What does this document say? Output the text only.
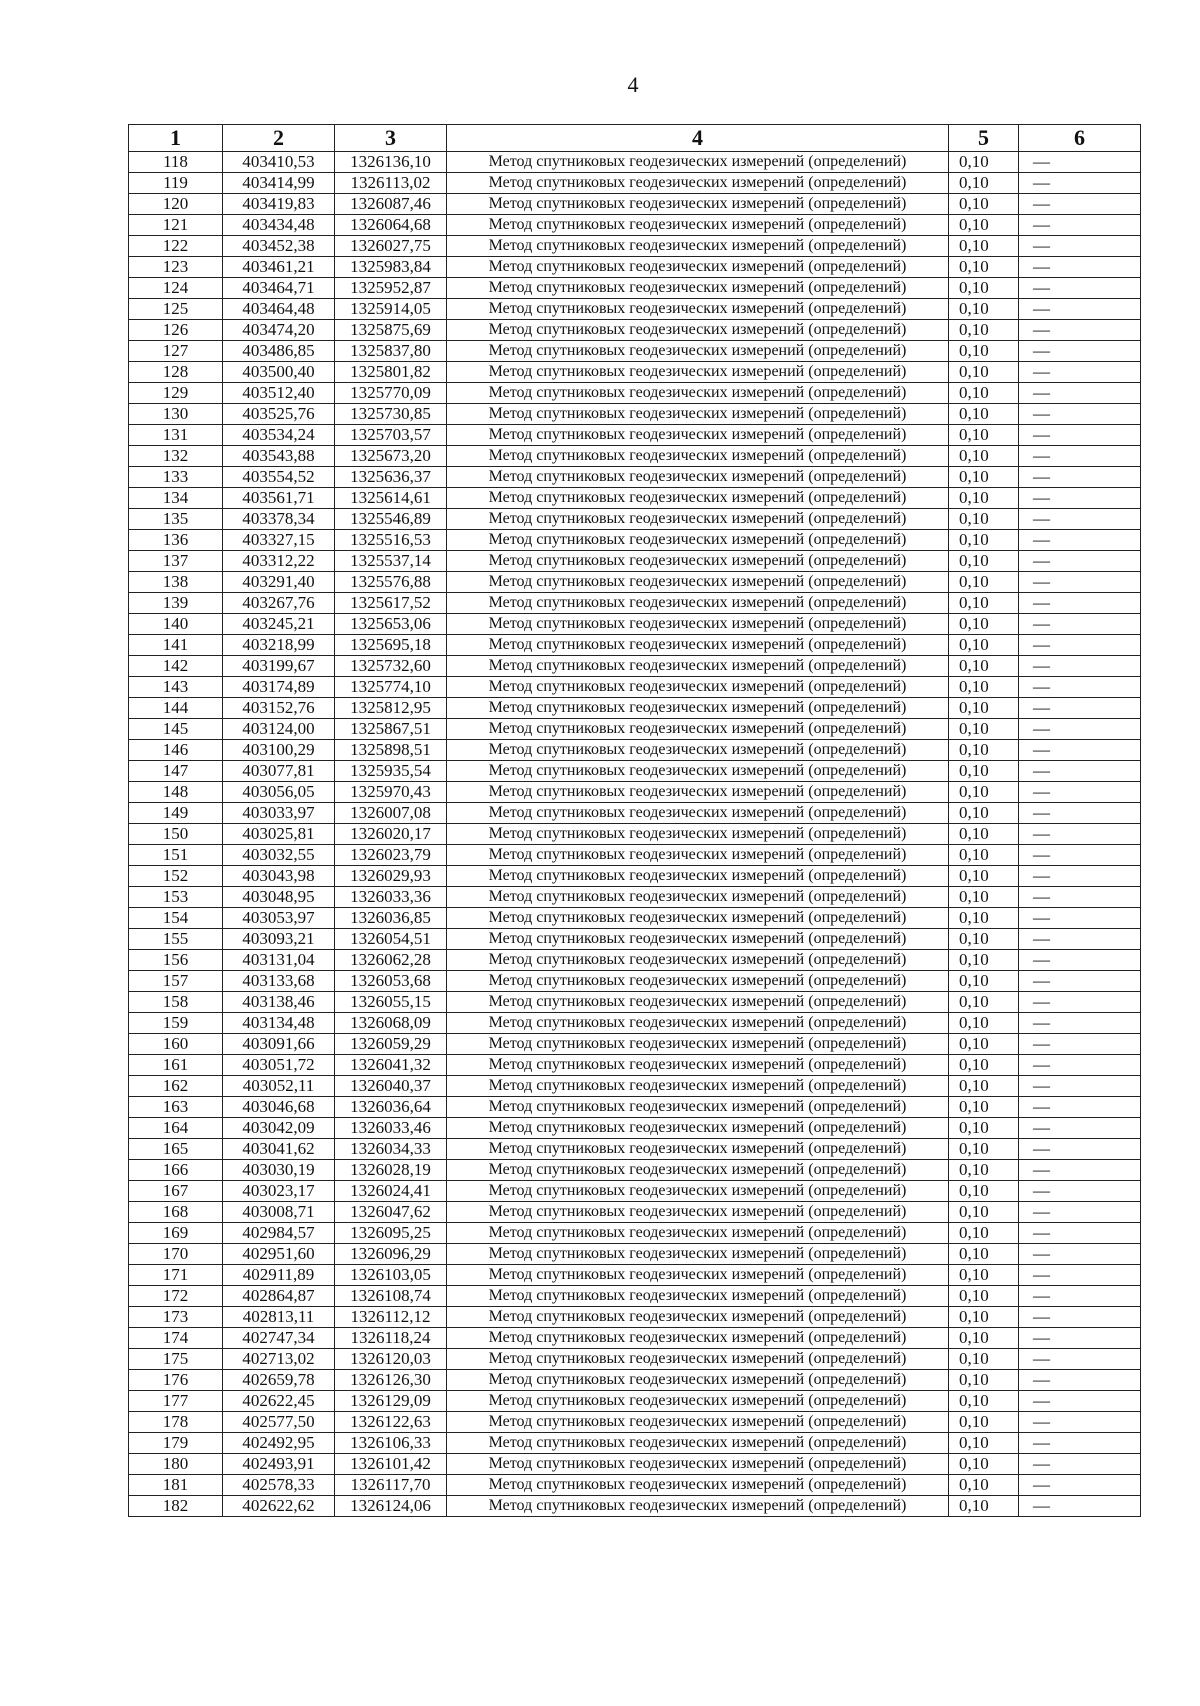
4
1	2	3	4	5	6
118	403410,53	1326136,10	Метод спутниковых геодезических измерений (определений)	0,10	—
119	403414,99	1326113,02	Метод спутниковых геодезических измерений (определений)	0,10	—
120	403419,83	1326087,46	Метод спутниковых геодезических измерений (определений)	0,10	—
121	403434,48	1326064,68	Метод спутниковых геодезических измерений (определений)	0,10	—
122	403452,38	1326027,75	Метод спутниковых геодезических измерений (определений)	0,10	—
123	403461,21	1325983,84	Метод спутниковых геодезических измерений (определений)	0,10	—
124	403464,71	1325952,87	Метод спутниковых геодезических измерений (определений)	0,10	—
125	403464,48	1325914,05	Метод спутниковых геодезических измерений (определений)	0,10	—
126	403474,20	1325875,69	Метод спутниковых геодезических измерений (определений)	0,10	—
127	403486,85	1325837,80	Метод спутниковых геодезических измерений (определений)	0,10	—
128	403500,40	1325801,82	Метод спутниковых геодезических измерений (определений)	0,10	—
129	403512,40	1325770,09	Метод спутниковых геодезических измерений (определений)	0,10	—
130	403525,76	1325730,85	Метод спутниковых геодезических измерений (определений)	0,10	—
131	403534,24	1325703,57	Метод спутниковых геодезических измерений (определений)	0,10	—
132	403543,88	1325673,20	Метод спутниковых геодезических измерений (определений)	0,10	—
133	403554,52	1325636,37	Метод спутниковых геодезических измерений (определений)	0,10	—
134	403561,71	1325614,61	Метод спутниковых геодезических измерений (определений)	0,10	—
135	403378,34	1325546,89	Метод спутниковых геодезических измерений (определений)	0,10	—
136	403327,15	1325516,53	Метод спутниковых геодезических измерений (определений)	0,10	—
137	403312,22	1325537,14	Метод спутниковых геодезических измерений (определений)	0,10	—
138	403291,40	1325576,88	Метод спутниковых геодезических измерений (определений)	0,10	—
139	403267,76	1325617,52	Метод спутниковых геодезических измерений (определений)	0,10	—
140	403245,21	1325653,06	Метод спутниковых геодезических измерений (определений)	0,10	—
141	403218,99	1325695,18	Метод спутниковых геодезических измерений (определений)	0,10	—
142	403199,67	1325732,60	Метод спутниковых геодезических измерений (определений)	0,10	—
143	403174,89	1325774,10	Метод спутниковых геодезических измерений (определений)	0,10	—
144	403152,76	1325812,95	Метод спутниковых геодезических измерений (определений)	0,10	—
145	403124,00	1325867,51	Метод спутниковых геодезических измерений (определений)	0,10	—
146	403100,29	1325898,51	Метод спутниковых геодезических измерений (определений)	0,10	—
147	403077,81	1325935,54	Метод спутниковых геодезических измерений (определений)	0,10	—
148	403056,05	1325970,43	Метод спутниковых геодезических измерений (определений)	0,10	—
149	403033,97	1326007,08	Метод спутниковых геодезических измерений (определений)	0,10	—
150	403025,81	1326020,17	Метод спутниковых геодезических измерений (определений)	0,10	—
151	403032,55	1326023,79	Метод спутниковых геодезических измерений (определений)	0,10	—
152	403043,98	1326029,93	Метод спутниковых геодезических измерений (определений)	0,10	—
153	403048,95	1326033,36	Метод спутниковых геодезических измерений (определений)	0,10	—
154	403053,97	1326036,85	Метод спутниковых геодезических измерений (определений)	0,10	—
155	403093,21	1326054,51	Метод спутниковых геодезических измерений (определений)	0,10	—
156	403131,04	1326062,28	Метод спутниковых геодезических измерений (определений)	0,10	—
157	403133,68	1326053,68	Метод спутниковых геодезических измерений (определений)	0,10	—
158	403138,46	1326055,15	Метод спутниковых геодезических измерений (определений)	0,10	—
159	403134,48	1326068,09	Метод спутниковых геодезических измерений (определений)	0,10	—
160	403091,66	1326059,29	Метод спутниковых геодезических измерений (определений)	0,10	—
161	403051,72	1326041,32	Метод спутниковых геодезических измерений (определений)	0,10	—
162	403052,11	1326040,37	Метод спутниковых геодезических измерений (определений)	0,10	—
163	403046,68	1326036,64	Метод спутниковых геодезических измерений (определений)	0,10	—
164	403042,09	1326033,46	Метод спутниковых геодезических измерений (определений)	0,10	—
165	403041,62	1326034,33	Метод спутниковых геодезических измерений (определений)	0,10	—
166	403030,19	1326028,19	Метод спутниковых геодезических измерений (определений)	0,10	—
167	403023,17	1326024,41	Метод спутниковых геодезических измерений (определений)	0,10	—
168	403008,71	1326047,62	Метод спутниковых геодезических измерений (определений)	0,10	—
169	402984,57	1326095,25	Метод спутниковых геодезических измерений (определений)	0,10	—
170	402951,60	1326096,29	Метод спутниковых геодезических измерений (определений)	0,10	—
171	402911,89	1326103,05	Метод спутниковых геодезических измерений (определений)	0,10	—
172	402864,87	1326108,74	Метод спутниковых геодезических измерений (определений)	0,10	—
173	402813,11	1326112,12	Метод спутниковых геодезических измерений (определений)	0,10	—
174	402747,34	1326118,24	Метод спутниковых геодезических измерений (определений)	0,10	—
175	402713,02	1326120,03	Метод спутниковых геодезических измерений (определений)	0,10	—
176	402659,78	1326126,30	Метод спутниковых геодезических измерений (определений)	0,10	—
177	402622,45	1326129,09	Метод спутниковых геодезических измерений (определений)	0,10	—
178	402577,50	1326122,63	Метод спутниковых геодезических измерений (определений)	0,10	—
179	402492,95	1326106,33	Метод спутниковых геодезических измерений (определений)	0,10	—
180	402493,91	1326101,42	Метод спутниковых геодезических измерений (определений)	0,10	—
181	402578,33	1326117,70	Метод спутниковых геодезических измерений (определений)	0,10	—
182	402622,62	1326124,06	Метод спутниковых геодезических измерений (определений)	0,10	—
